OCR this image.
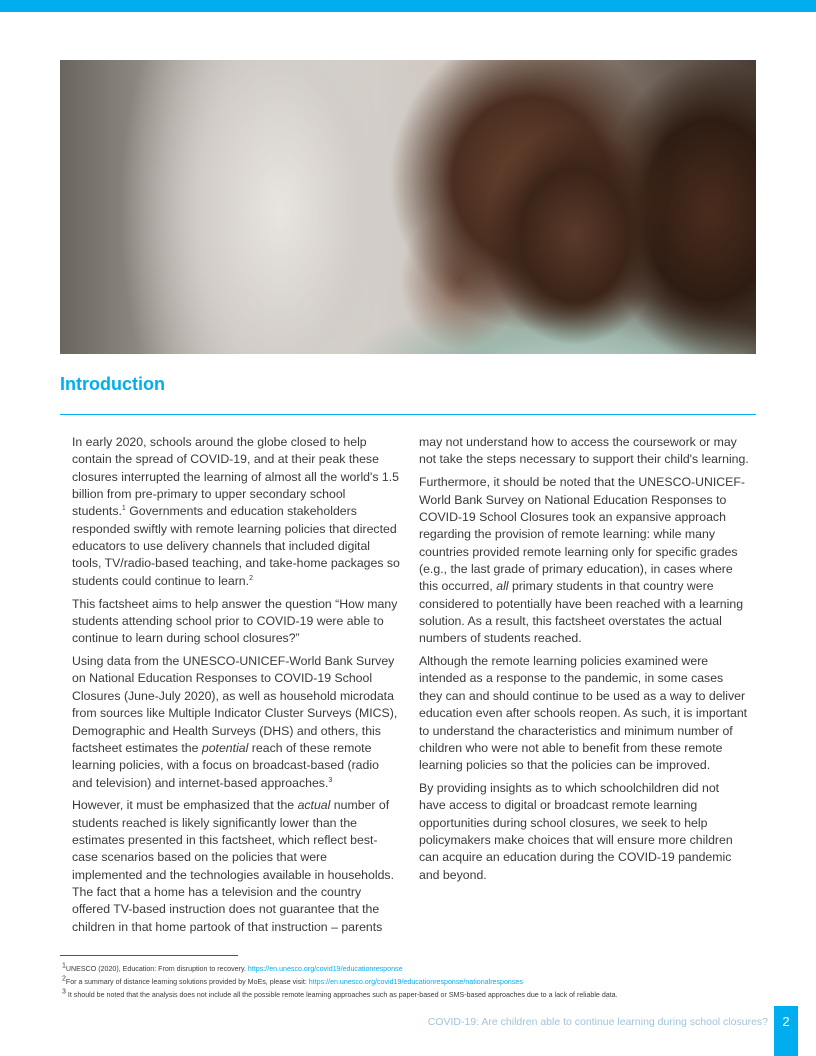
Introduction

In early 2020, schools around the globe closed to help contain the spread of COVID-19, and at their peak these closures interrupted the learning of almost all the world's 1.5 billion from pre-primary to upper secondary school students.$^1$ Governments and education stakeholders responded swiftly with remote learning policies that directed educators to use delivery channels that included digital tools, TV/radio-based teaching, and take-home packages so students could continue to learn.$^2$

This factsheet aims to help answer the question “How many students attending school prior to COVID-19 were able to continue to learn during school closures?”

Using data from the UNESCO-UNICEF-World Bank Survey on National Education Responses to COVID-19 School Closures (June-July 2020), as well as household microdata from sources like Multiple Indicator Cluster Surveys (MICS), Demographic and Health Surveys (DHS) and others, this factsheet estimates the potential reach of these remote learning policies, with a focus on broadcast-based (radio and television) and internet-based approaches.$^3$

However, it must be emphasized that the actual number of students reached is likely significantly lower than the estimates presented in this factsheet, which reflect best-case scenarios based on the policies that were implemented and the technologies available in households. The fact that a home has a television and the country offered TV-based instruction does not guarantee that the children in that home partook of that instruction – parents

may not understand how to access the coursework or may not take the steps necessary to support their child's learning.

Furthermore, it should be noted that the UNESCO-UNICEF-World Bank Survey on National Education Responses to COVID-19 School Closures took an expansive approach regarding the provision of remote learning: while many countries provided remote learning only for specific grades (e.g., the last grade of primary education), in cases where this occurred, all primary students in that country were considered to potentially have been reached with a learning solution. As a result, this factsheet overstates the actual numbers of students reached.

Although the remote learning policies examined were intended as a response to the pandemic, in some cases they can and should continue to be used as a way to deliver education even after schools reopen. As such, it is important to understand the characteristics and minimum number of children who were not able to benefit from these remote learning policies so that the policies can be improved.

By providing insights as to which schoolchildren did not have access to digital or broadcast remote learning opportunities during school closures, we seek to help policymakers make choices that will ensure more children can acquire an education during the COVID-19 pandemic and beyond.

$^1$UNESCO (2020), Education: From disruption to recovery. https://en.unesco.org/covid19/educationresponse
$^2$For a summary of distance learning solutions provided by MoEs, please visit: https://en.unesco.org/covid19/educationresponse/nationalresponses
$^3$ It should be noted that the analysis does not include all the possible remote learning approaches such as paper-based or SMS-based approaches due to a lack of reliable data.
COVID-19: Are children able to continue learning during school closures?	2
